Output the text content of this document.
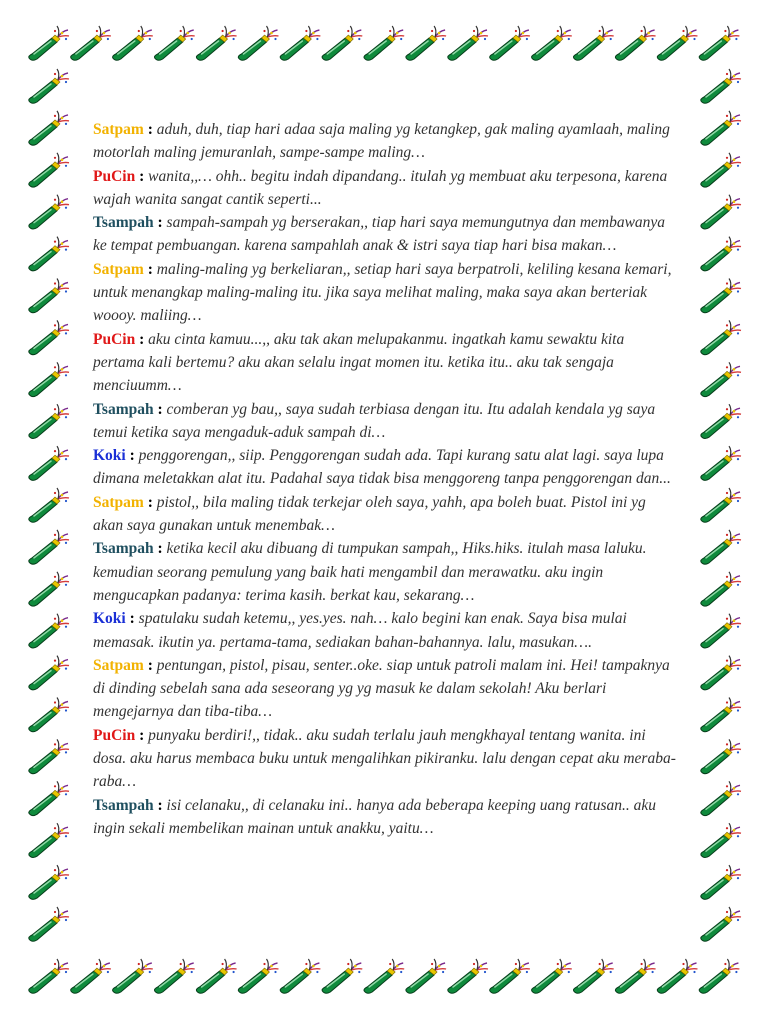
Satpam : aduh, duh, tiap hari adaa saja maling yg ketangkep, gak maling ayamlaah, maling motorlah maling jemuranlah, sampe-sampe maling…

PuCin : wanita,,… ohh.. begitu indah dipandang.. itulah yg membuat aku terpesona, karena wajah wanita sangat cantik seperti...

Tsampah : sampah-sampah yg berserakan,, tiap hari saya memungutnya dan membawanya ke tempat pembuangan. karena sampahlah anak & istri saya tiap hari bisa makan…

Satpam : maling-maling yg berkeliaran,, setiap hari saya berpatroli, keliling kesana kemari, untuk menangkap maling-maling itu. jika saya melihat maling, maka saya akan berteriak woooy. maliing…

PuCin : aku cinta kamuu...,, aku tak akan melupakanmu. ingatkah kamu sewaktu kita pertama kali bertemu? aku akan selalu ingat momen itu. ketika itu.. aku tak sengaja menciuumm…

Tsampah : comberan yg bau,, saya sudah terbiasa dengan itu. Itu adalah kendala yg saya temui ketika saya mengaduk-aduk sampah di…

Koki : penggorengan,, siip. Penggorengan sudah ada. Tapi kurang satu alat lagi. saya lupa dimana meletakkan alat itu. Padahal saya tidak bisa menggoreng tanpa penggorengan dan...

Satpam : pistol,, bila maling tidak terkejar oleh saya, yahh, apa boleh buat. Pistol ini yg akan saya gunakan untuk menembak…

Tsampah : ketika kecil aku dibuang di tumpukan sampah,, Hiks.hiks. itulah masa laluku. kemudian seorang pemulung yang baik hati mengambil dan merawatku. aku ingin mengucapkan padanya: terima kasih. berkat kau, sekarang…

Koki : spatulaku sudah ketemu,, yes.yes. nah… kalo begini kan enak. Saya bisa mulai memasak. ikutin ya. pertama-tama, sediakan bahan-bahannya. lalu, masukan….

Satpam : pentungan, pistol, pisau, senter..oke. siap untuk patroli malam ini. Hei! tampaknya di dinding sebelah sana ada seseorang yg yg masuk ke dalam sekolah! Aku berlari mengejarnya dan tiba-tiba…

PuCin : punyaku berdiri!,, tidak.. aku sudah terlalu jauh mengkhayal tentang wanita. ini dosa. aku harus membaca buku untuk mengalihkan pikiranku. lalu dengan cepat aku meraba-raba…

Tsampah : isi celanaku,, di celanaku ini.. hanya ada beberapa keeping uang ratusan.. aku ingin sekali membelikan mainan untuk anakku, yaitu…
